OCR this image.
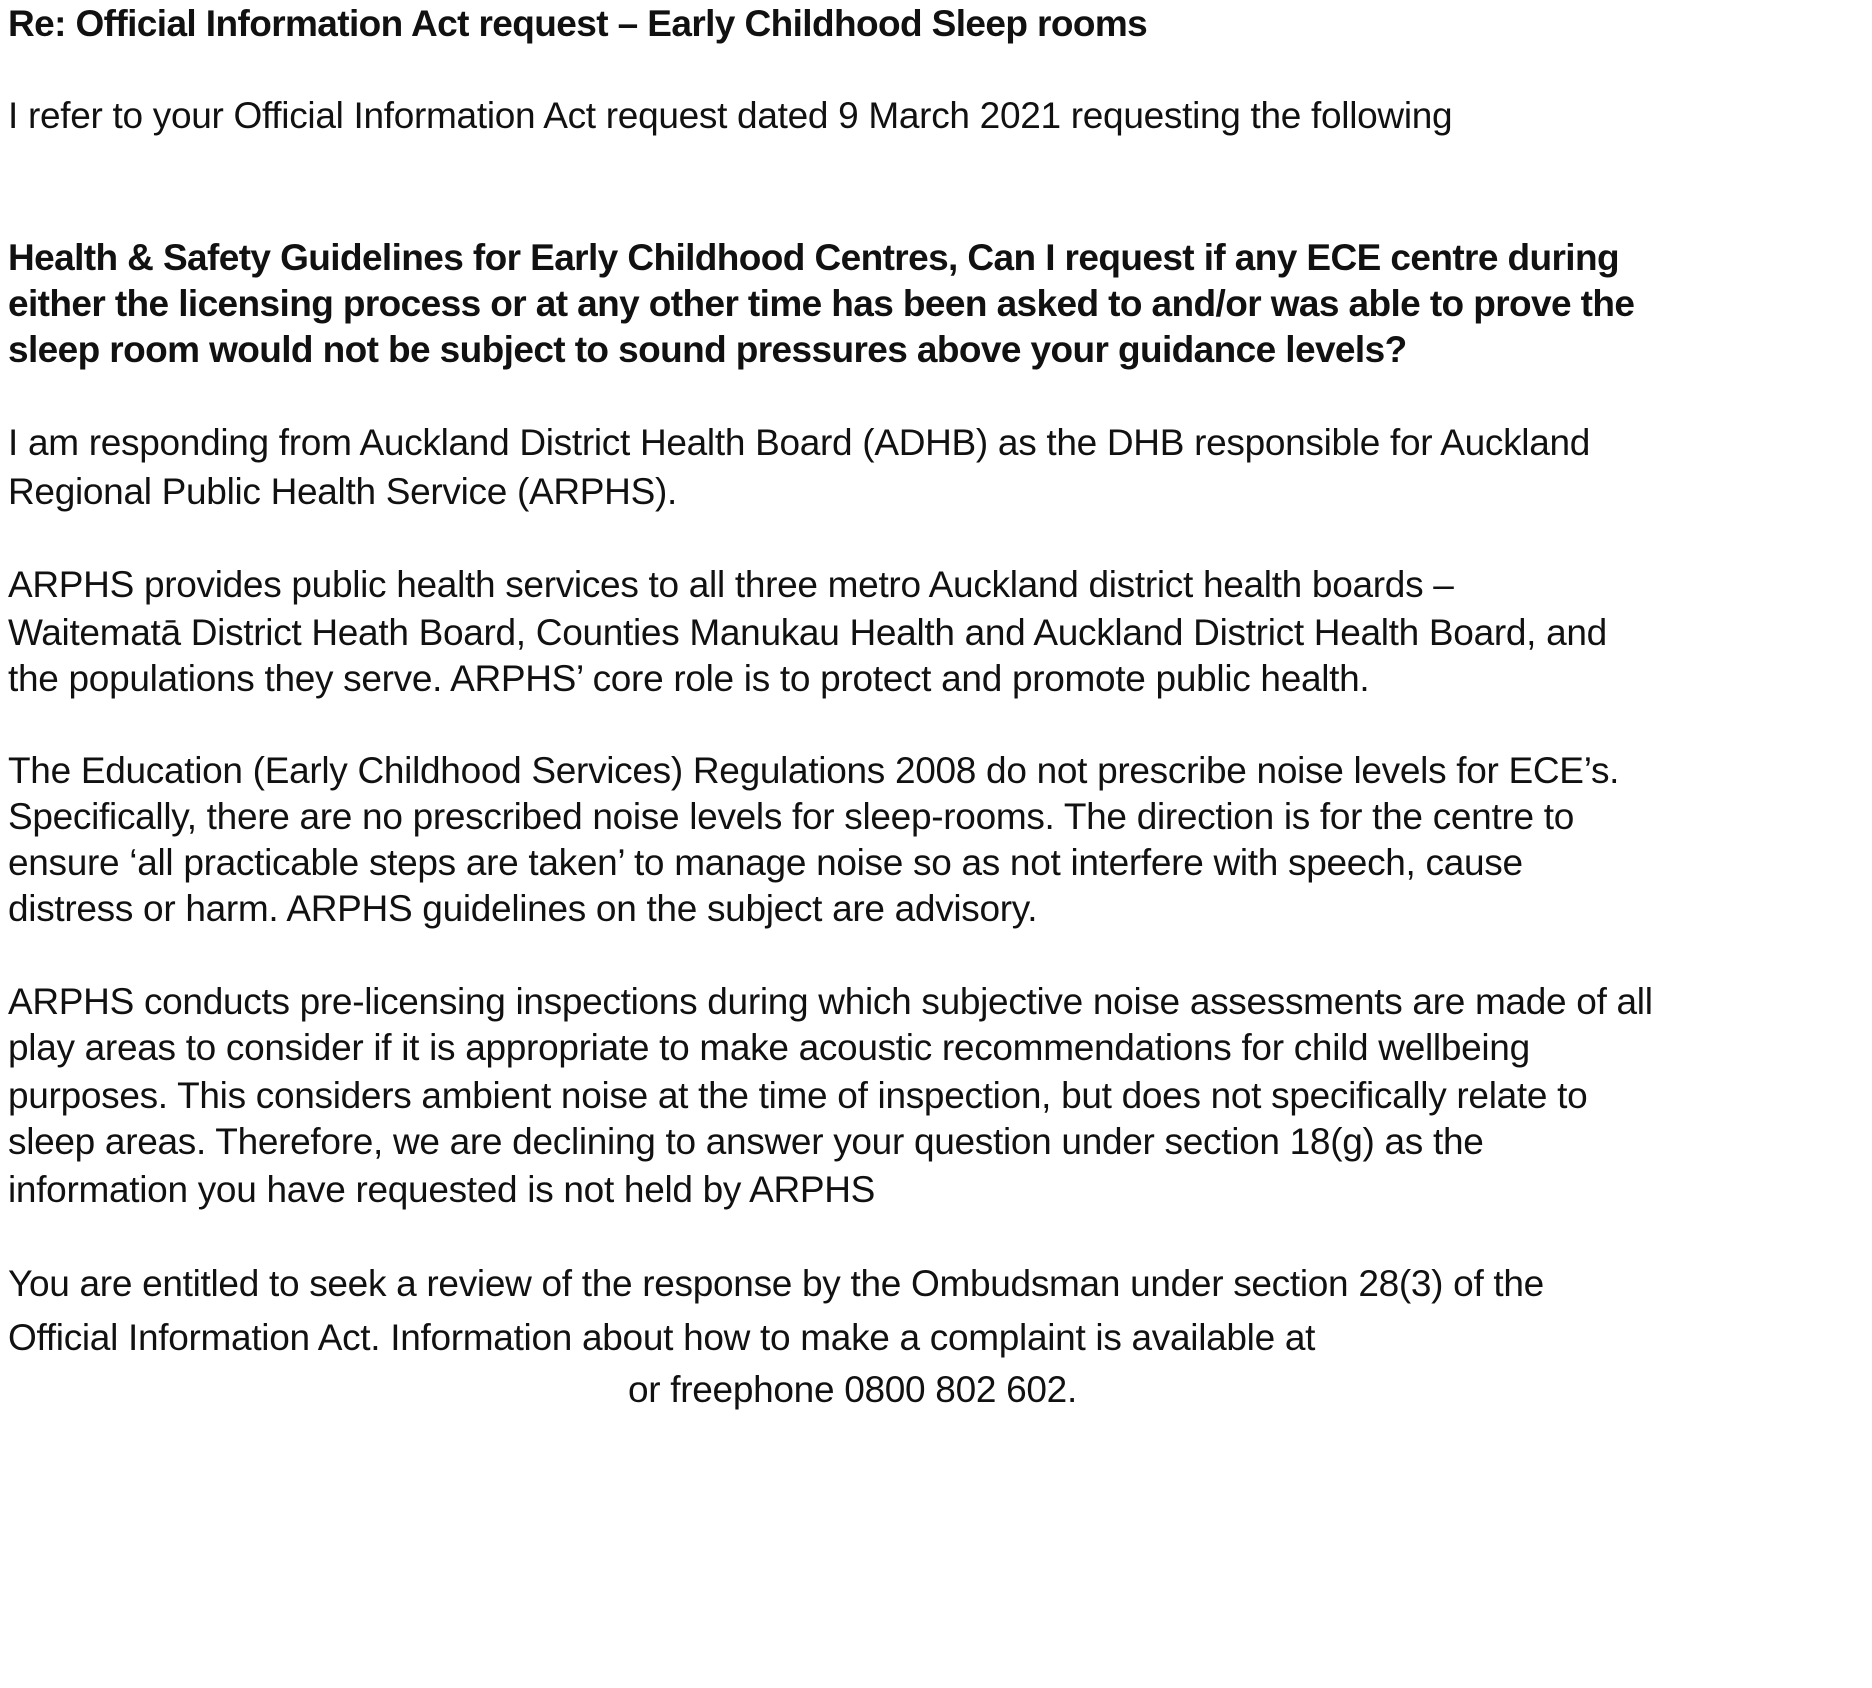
Re: Official Information Act request – Early Childhood Sleep rooms
I refer to your Official Information Act request dated 9 March 2021 requesting the following
Health & Safety Guidelines for Early Childhood Centres, Can I request if any ECE centre during
either the licensing process or at any other time has been asked to and/or was able to prove the
sleep room would not be subject to sound pressures above your guidance levels?
I am responding from Auckland District Health Board (ADHB) as the DHB responsible for Auckland
Regional Public Health Service (ARPHS).
ARPHS provides public health services to all three metro Auckland district health boards –
Waitematā District Heath Board, Counties Manukau Health and Auckland District Health Board, and
the populations they serve. ARPHS’ core role is to protect and promote public health.
The Education (Early Childhood Services) Regulations 2008 do not prescribe noise levels for ECE’s.
Specifically, there are no prescribed noise levels for sleep-rooms. The direction is for the centre to
ensure ‘all practicable steps are taken’ to manage noise so as not interfere with speech, cause
distress or harm. ARPHS guidelines on the subject are advisory.
ARPHS conducts pre-licensing inspections during which subjective noise assessments are made of all
play areas to consider if it is appropriate to make acoustic recommendations for child wellbeing
purposes. This considers ambient noise at the time of inspection, but does not specifically relate to
sleep areas. Therefore, we are declining to answer your question under section 18(g) as the
information you have requested is not held by ARPHS
You are entitled to seek a review of the response by the Ombudsman under section 28(3) of the
Official Information Act. Information about how to make a complaint is available at
or freephone 0800 802 602.
